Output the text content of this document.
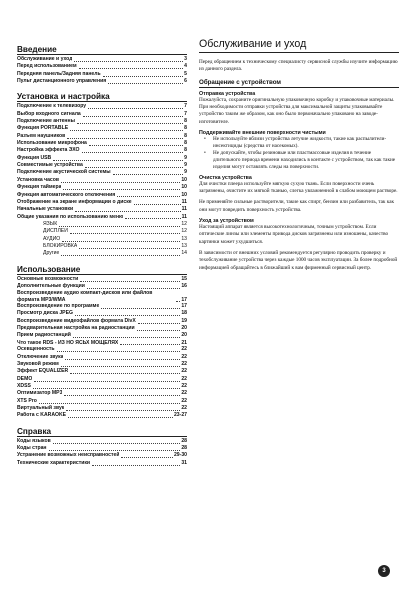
Введение
Обслуживание и уход	3
Перед использованием	4
Передняя панель/Задняя панель	5
Пульт дистанционного управления	6
Установка и настройка
Подключение к телевизору	7
Выбор входного сигнала	7
Подключение антенны	8
Функция PORTABLE	8
Разъем наушников	8
Использование микрофона	8
Настройка эффекта ЭХО	8
Функция USB	9
Совместимые устройства	9
Подключение акустической системы	9
Установка часов	10
Функция таймера	10
Функция автоматического отключения	10
Отображение на экране информации о диске	11
Начальные установки	11
Общие указания по использованию меню	11
ЯЗЫК	12
ДИСПЛЕЙ	12
АУДИО	13
БЛОКИРОВКА	13
Другие	14
Использование
Основные возможности	15
Дополнительные функции	16
Воспроизведение аудио компакт-дисков или файлов формата MP3/WMA	17
Воспроизведение по программе	17
Просмотр диска JPEG	18
Воспроизведение видеофайлов формата DivX	19
Предварительная настройка на радиостанции	20
Прием радиостанций	20
Что такое RDS - ИЗ НО ЯСЬХ МОЩЕЛЯХ	21
Осевщенность	22
Отключение звука	22
Звуковой режим	22
Эффект EQUALIZER	22
DEMO	22
XDSS	22
Оптимизатор MP3	22
XTS Pro	22
Виртуальный звук	22
Работа с KARAOKE	23-27
Справка
Коды языков	28
Коды стран	28
Устранение возможных неисправностей	29-30
Технические характеристики	31
Обслуживание и уход

Перед обращением к техническому специалисту сервисной службы изучите информацию из данного раздела.

Обращение с устройством
Отправка устройства

Пожалуйста, сохраните оригинальную упаковочную коробку и упаковочные материалы. При необходимости отправки устройства для максимальной защиты упаковывайте устройство таким же образом, как оно было первоначально упаковано на заводе-изготовителе.

Поддерживайте внешние поверхности чистыми
• Не используйте вблизи устройства летучие жидкости, такие как распылители-инсектициды (средства от насекомых).
• Не допускайте, чтобы резиновые или пластмассовые изделия в течение длительного периода времени находились в контакте с устройством, так как такие изделия могут оставлять следы на поверхности.
Очистка устройства

Для очистки плеера используйте мягкую сухую ткань. Если поверхности очень загрязнены, очистите их мягкой тканью, слегка увлажненной в слабом моющем растворе.

Не применяйте сильные растворители, такие как спирт, бензин или разбавитель, так как они могут повредить поверхность устройства.

Уход за устройством

Настоящий аппарат является высокотехнологичным, точным устройством. Если оптические линзы или элементы привода дисков загрязнены или изношены, качество картинки может ухудшиться.

В зависимости от внешних условий рекомендуется регулярно проводить проверку и техобслуживание устройства через каждые 1000 часов эксплуатации. За более подробной информацией обращайтесь в ближайший к вам фирменный сервисный центр.

3
